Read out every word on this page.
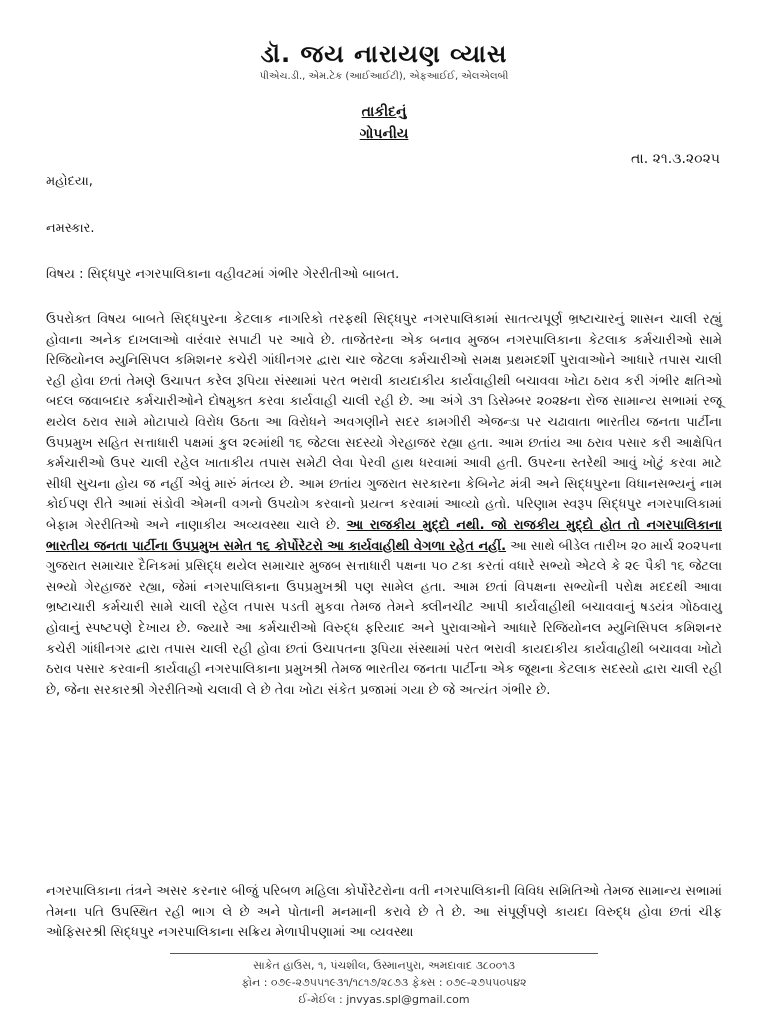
ડૉ. જય નારાયણ વ્યાસ
પીએચ.ડી., એમ.ટેક (આઈઆઈટી), એફઆઈઈ, એલએલબી
તાકીદનું
ગોપનીય
તા. ૨૧.૩.૨૦૨૫
મહોદયા,
નમસ્કાર.
વિષય : સિદ્ધપુર નગરપાલિકાના વહીવટમાં ગંભીર ગેરરીતીઓ બાબત.
ઉપરોક્ત વિષય બાબતે સિદ્ધપુરના કેટલાક નાગરિકો તરફથી સિદ્ધપુર નગરપાલિકામાં સાતત્યપૂર્ણ ભ્રષ્ટાચારનું શાસન ચાલી રહ્યું હોવાના અનેક દાખલાઓ વારંવાર સપાટી પર આવે છે. તાજેતરના એક બનાવ મુજબ નગરપાલિકાના કેટલાક કર્મચારીઓ સામે રિજિયોનલ મ્યુનિસિપલ કમિશનર કચેરી ગાંધીનગર દ્વારા ચાર જેટલા કર્મચારીઓ સમક્ષ પ્રથમદર્શી પુરાવાઓને આધારે તપાસ ચાલી રહી હોવા છતાં તેમણે ઉચાપત કરેલ રૂપિયા સંસ્થામાં પરત ભરાવી કાયદાકીય કાર્યવાહીથી બચાવવા ખોટા ઠરાવ કરી ગંભીર ક્ષતિઓ બદલ જવાબદાર કર્મચારીઓને દોષમુક્ત કરવા કાર્યવાહી ચાલી રહી છે. આ અંગે ૩૧ ડિસેમ્બર ૨૦૨૪ના રોજ સામાન્ય સભામાં રજૂ થયેલ ઠરાવ સામે મોટાપાયે વિરોધ ઉઠતા આ વિરોધને અવગણીને સદર કામગીરી એજન્ડા પર ચઢાવાતા ભારતીય જનતા પાર્ટીના ઉપપ્રમુખ સહિત સત્તાધારી પક્ષમાં કુલ ૨૯માંથી ૧૬ જેટલા સદસ્યો ગેરહાજર રહ્યા હતા. આમ છતાંય આ ઠરાવ પસાર કરી આક્ષેપિત કર્મચારીઓ ઉપર ચાલી રહેલ ખાતાકીય તપાસ સમેટી લેવા પેરવી હાથ ધરવામાં આવી હતી. ઉપરના સ્તરેથી આવું ખોટું કરવા માટે સીધી સુચના હોય જ નહીં એવું મારું મંતવ્ય છે. આમ છતાંય ગુજરાત સરકારના કેબિનેટ મંત્રી અને સિદ્ધપુરના વિધાનસભ્યનું નામ કોઈપણ રીતે આમાં સંડોવી એમની વગનો ઉપયોગ કરવાનો પ્રયત્ન કરવામાં આવ્યો હતો. પરિણામ સ્વરૂપ સિદ્ધપુર નગરપાલિકામાં બેફામ ગેરરીતિઓ અને નાણાકીય અવ્યવસ્થા ચાલે છે. આ રાજકીય મુદ્દો નથી. જો રાજકીય મુદ્દો હોત તો નગરપાલિકાના ભારતીય જનતા પાર્ટીના ઉપપ્રમુખ સમેત ૧૬ કોર્પોરેટરો આ કાર્યવાહીથી વેગળા રહેત નહીં. આ સાથે બીડેલ તારીખ ૨૦ માર્ચ ૨૦૨૫ના ગુજરાત સમાચાર દૈનિકમાં પ્રસિદ્ધ થયેલ સમાચાર મુજબ સત્તાધારી પક્ષના ૫૦ ટકા કરતાં વધારે સભ્યો એટલે કે ૨૯ પૈકી ૧૬ જેટલા સભ્યો ગેરહાજર રહ્યા, જેમાં નગરપાલિકાના ઉપપ્રમુખશ્રી પણ સામેલ હતા. આમ છતાં વિપક્ષના સભ્યોની પરોક્ષ મદદથી આવા ભ્રષ્ટાચારી કર્મચારી સામે ચાલી રહેલ તપાસ પડતી મુકવા તેમજ તેમને ક્લીનચીટ આપી કાર્યવાહીથી બચાવવાનું ષડયંત્ર ગોઠવાયુ હોવાનું સ્પષ્ટપણે દેખાય છે. જ્યારે આ કર્મચારીઓ વિરુદ્ધ ફરિયાદ અને પુરાવાઓને આધારે રિજિયોનલ મ્યુનિસિપલ કમિશનર કચેરી ગાંધીનગર દ્વારા તપાસ ચાલી રહી હોવા છતાં ઉચાપતના રૂપિયા સંસ્થામાં પરત ભરાવી કાયદાકીય કાર્યવાહીથી બચાવવા ખોટો ઠરાવ પસાર કરવાની કાર્યવાહી નગરપાલિકાના પ્રમુખશ્રી તેમજ ભારતીય જનતા પાર્ટીના એક જૂથના કેટલાક સદસ્યો દ્વારા ચાલી રહી છે, જેના સરકારશ્રી ગેરરીતિઓ ચલાવી લે છે તેવા ખોટા સંકેત પ્રજામાં ગયા છે જે અત્યંત ગંભીર છે.
નગરપાલિકાના તંત્રને અસર કરનાર બીજું પરિબળ મહિલા કોર્પોરેટરોના વતી નગરપાલિકાની વિવિધ સમિતિઓ તેમજ સામાન્ય સભામાં તેમના પતિ ઉપસ્થિત રહી ભાગ લે છે અને પોતાની મનમાની કરાવે છે તે છે. આ સંપૂર્ણપણે કાયદા વિરુદ્ધ હોવા છતાં ચીફ ઓફિસરશ્રી સિદ્ધપુર નગરપાલિકાના સક્રિય મેળાપીપણામાં આ વ્યવસ્થા
સાકેત હાઉસ, ૧, પંચશીલ, ઉસ્માનપુરા, અમદાવાદ ૩૮૦૦૧૩
ફોન : ૦૭૯-૨૭૫૫૧૯૩૧/૧૮૧૭/૨૮૭૩ ફેક્સ : ૦૭૯-૨૭૫૫૦૫૪૨
ઈ-મેઈલ : jnvyas.spl@gmail.com
